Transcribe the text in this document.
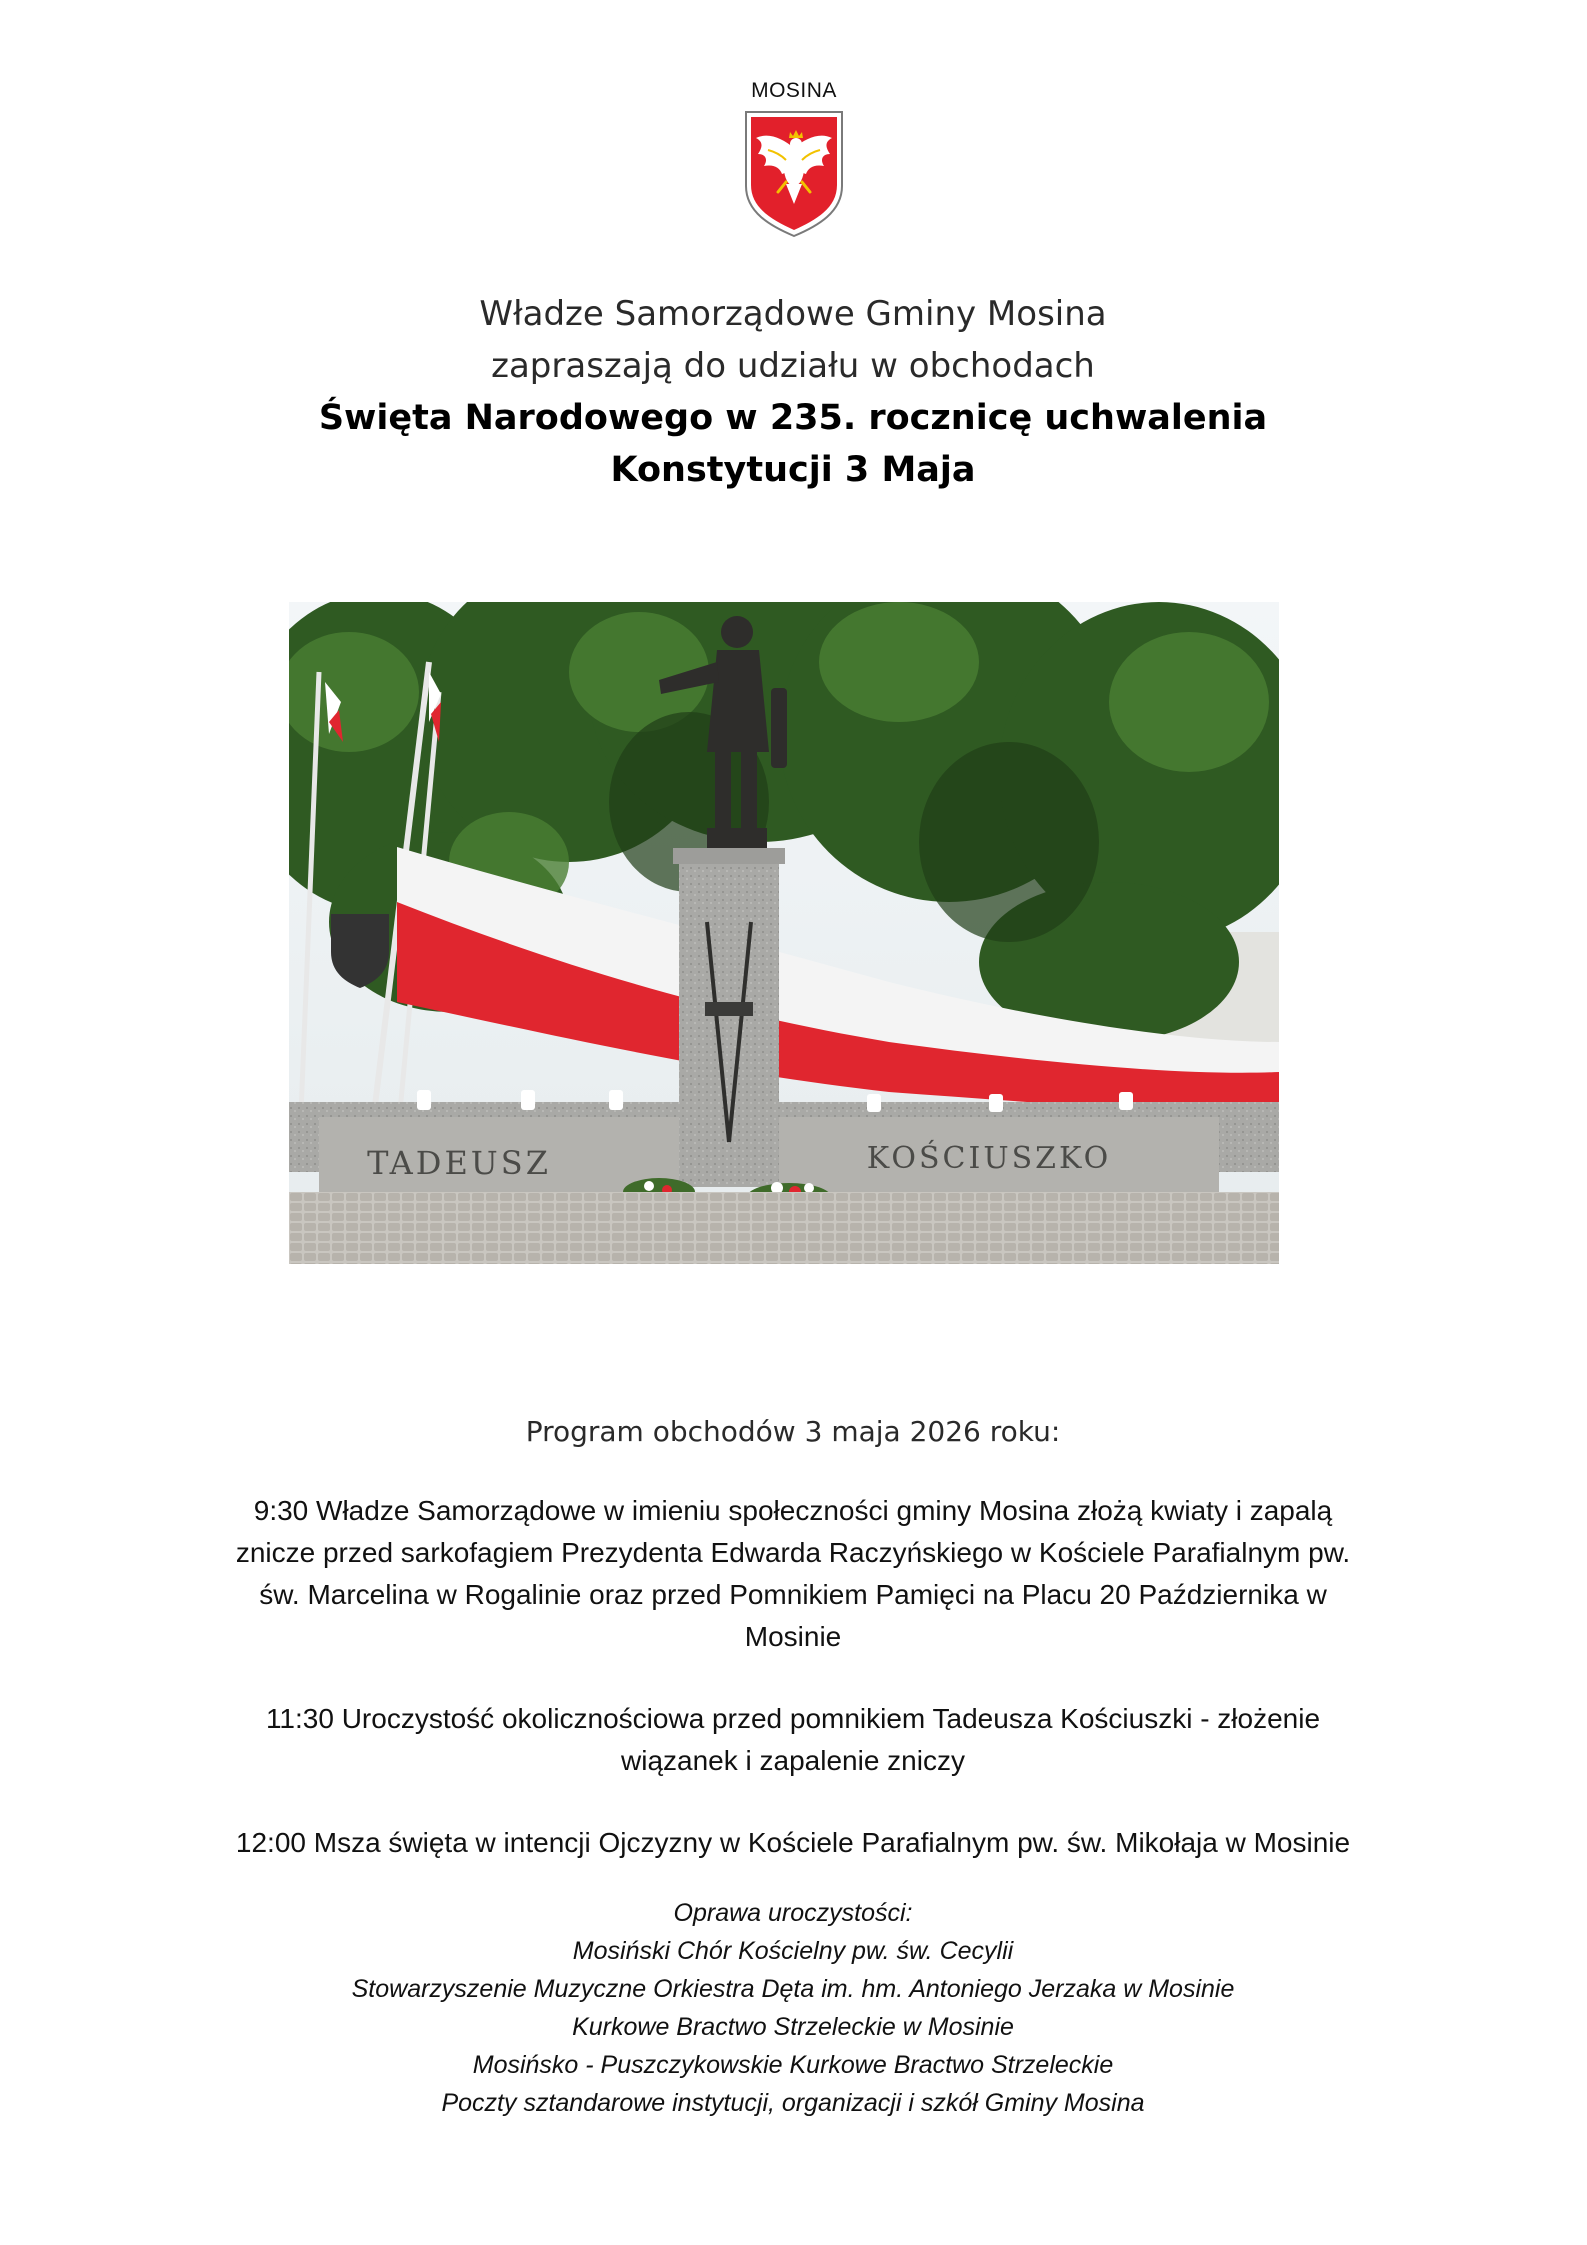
MOSINA
Władze Samorządowe Gminy Mosina
zapraszają do udziału w obchodach
Święta Narodowego w 235. rocznicę uchwalenia
Konstytucji 3 Maja
TADEUSZ	KOŚCIUSZKO
Program obchodów 3 maja 2026 roku:
9:30 Władze Samorządowe w imieniu społeczności gminy Mosina złożą kwiaty i zapalą znicze przed sarkofagiem Prezydenta Edwarda Raczyńskiego w Kościele Parafialnym pw. św. Marcelina w Rogalinie oraz przed Pomnikiem Pamięci na Placu 20 Października w Mosinie
11:30 Uroczystość okolicznościowa przed pomnikiem Tadeusza Kościuszki - złożenie wiązanek i zapalenie zniczy
12:00 Msza święta w intencji Ojczyzny w Kościele Parafialnym pw. św. Mikołaja w Mosinie
Oprawa uroczystości:
Mosiński Chór Kościelny pw. św. Cecylii
Stowarzyszenie Muzyczne Orkiestra Dęta im. hm. Antoniego Jerzaka w Mosinie
Kurkowe Bractwo Strzeleckie w Mosinie
Mosińsko - Puszczykowskie Kurkowe Bractwo Strzeleckie
Poczty sztandarowe instytucji, organizacji i szkół Gminy Mosina
